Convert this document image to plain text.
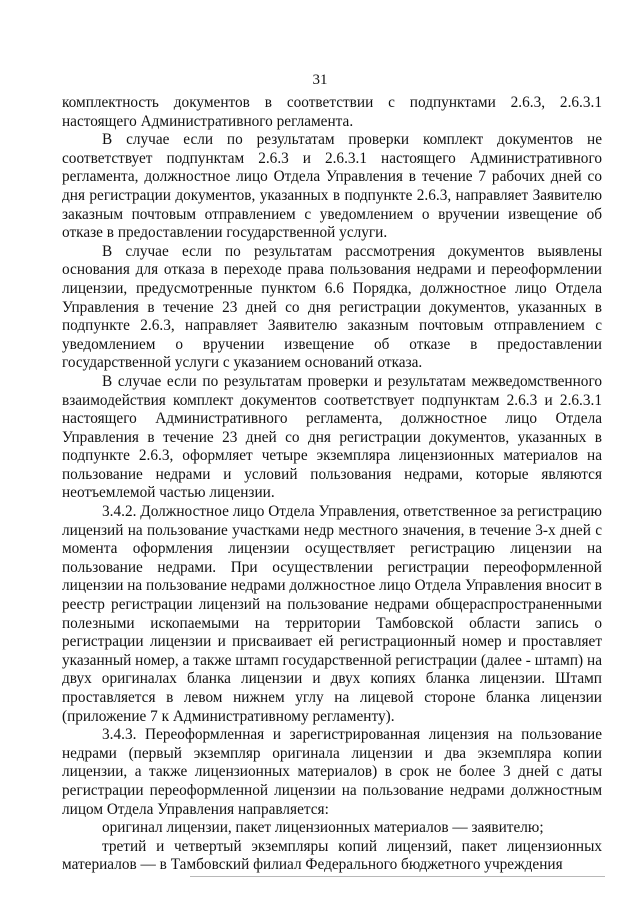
31

комплектность документов в соответствии с подпунктами 2.6.3, 2.6.3.1 настоящего Административного регламента.

В случае если по результатам проверки комплект документов не соответствует подпунктам 2.6.3 и 2.6.3.1 настоящего Административного регламента, должностное лицо Отдела Управления в течение 7 рабочих дней со дня регистрации документов, указанных в подпункте 2.6.3, направляет Заявителю заказным почтовым отправлением с уведомлением о вручении извещение об отказе в предоставлении государственной услуги.

В случае если по результатам рассмотрения документов выявлены основания для отказа в переходе права пользования недрами и переоформлении лицензии, предусмотренные пунктом 6.6 Порядка, должностное лицо Отдела Управления в течение 23 дней со дня регистрации документов, указанных в подпункте 2.6.3, направляет Заявителю заказным почтовым отправлением с уведомлением о вручении извещение об отказе в предоставлении государственной услуги с указанием оснований отказа.

В случае если по результатам проверки и результатам межведомственного взаимодействия комплект документов соответствует подпунктам 2.6.3 и 2.6.3.1 настоящего Административного регламента, должностное лицо Отдела Управления в течение 23 дней со дня регистрации документов, указанных в подпункте 2.6.3, оформляет четыре экземпляра лицензионных материалов на пользование недрами и условий пользования недрами, которые являются неотъемлемой частью лицензии.

3.4.2. Должностное лицо Отдела Управления, ответственное за регистрацию лицензий на пользование участками недр местного значения, в течение 3-х дней с момента оформления лицензии осуществляет регистрацию лицензии на пользование недрами. При осуществлении регистрации переоформленной лицензии на пользование недрами должностное лицо Отдела Управления вносит в реестр регистрации лицензий на пользование недрами общераспространенными полезными ископаемыми на территории Тамбовской области запись о регистрации лицензии и присваивает ей регистрационный номер и проставляет указанный номер, а также штамп государственной регистрации (далее - штамп) на двух оригиналах бланка лицензии и двух копиях бланка лицензии. Штамп проставляется в левом нижнем углу на лицевой стороне бланка лицензии (приложение 7 к Административному регламенту).

3.4.3. Переоформленная и зарегистрированная лицензия на пользование недрами (первый экземпляр оригинала лицензии и два экземпляра копии лицензии, а также лицензионных материалов) в срок не более 3 дней с даты регистрации переоформленной лицензии на пользование недрами должностным лицом Отдела Управления направляется:

оригинал лицензии, пакет лицензионных материалов — заявителю;

третий и четвертый экземпляры копий лицензий, пакет лицензионных материалов — в Тамбовский филиал Федерального бюджетного учреждения
